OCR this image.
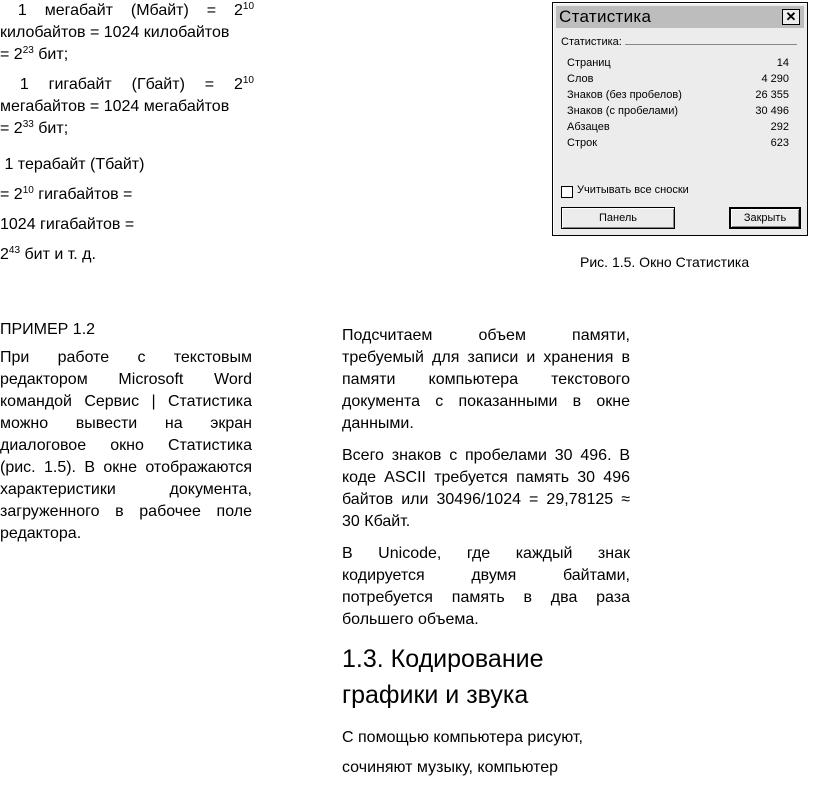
1 мегабайт (Мбайт) = $2^{10}$
килобайтов = 1024 килобайтов
= $2^{23}$ бит;
1 гигабайт (Гбайт) = $2^{10}$
мегабайтов = 1024 мегабайтов
= $2^{33}$ бит;
1 терабайт (Тбайт)
= $2^{10}$ гигабайтов =
1024 гигабайтов =
$2^{43}$ бит и т. д.
Статистика	✕
Статистика:
Страниц	14
Слов	4 290
Знаков (без пробелов)	26 355
Знаков (с пробелами)	30 496
Абзацев	292
Строк	623
Учитывать все сноски
Панель	Закрыть
Рис. 1.5. Окно Статистика
ПРИМЕР 1.2
При работе с текстовым редактором Microsoft Word командой Сервис | Статистика можно вывести на экран диалоговое окно Статистика (рис. 1.5). В окне отображаются характеристики документа, загруженного в рабочее поле редактора.
Подсчитаем объем памяти, требуемый для записи и хранения в памяти компьютера текстового документа с показанными в окне данными.
Всего знаков с пробелами 30 496. В коде ASCII требуется память 30 496 байтов или 30496/1024 = 29,78125 ≈ 30 Кбайт.
В Unicode, где каждый знак кодируется двумя байтами, потребуется память в два раза большего объема.
1.3. Кодирование графики и звука
С помощью компьютера рисуют, сочиняют музыку, компьютер
